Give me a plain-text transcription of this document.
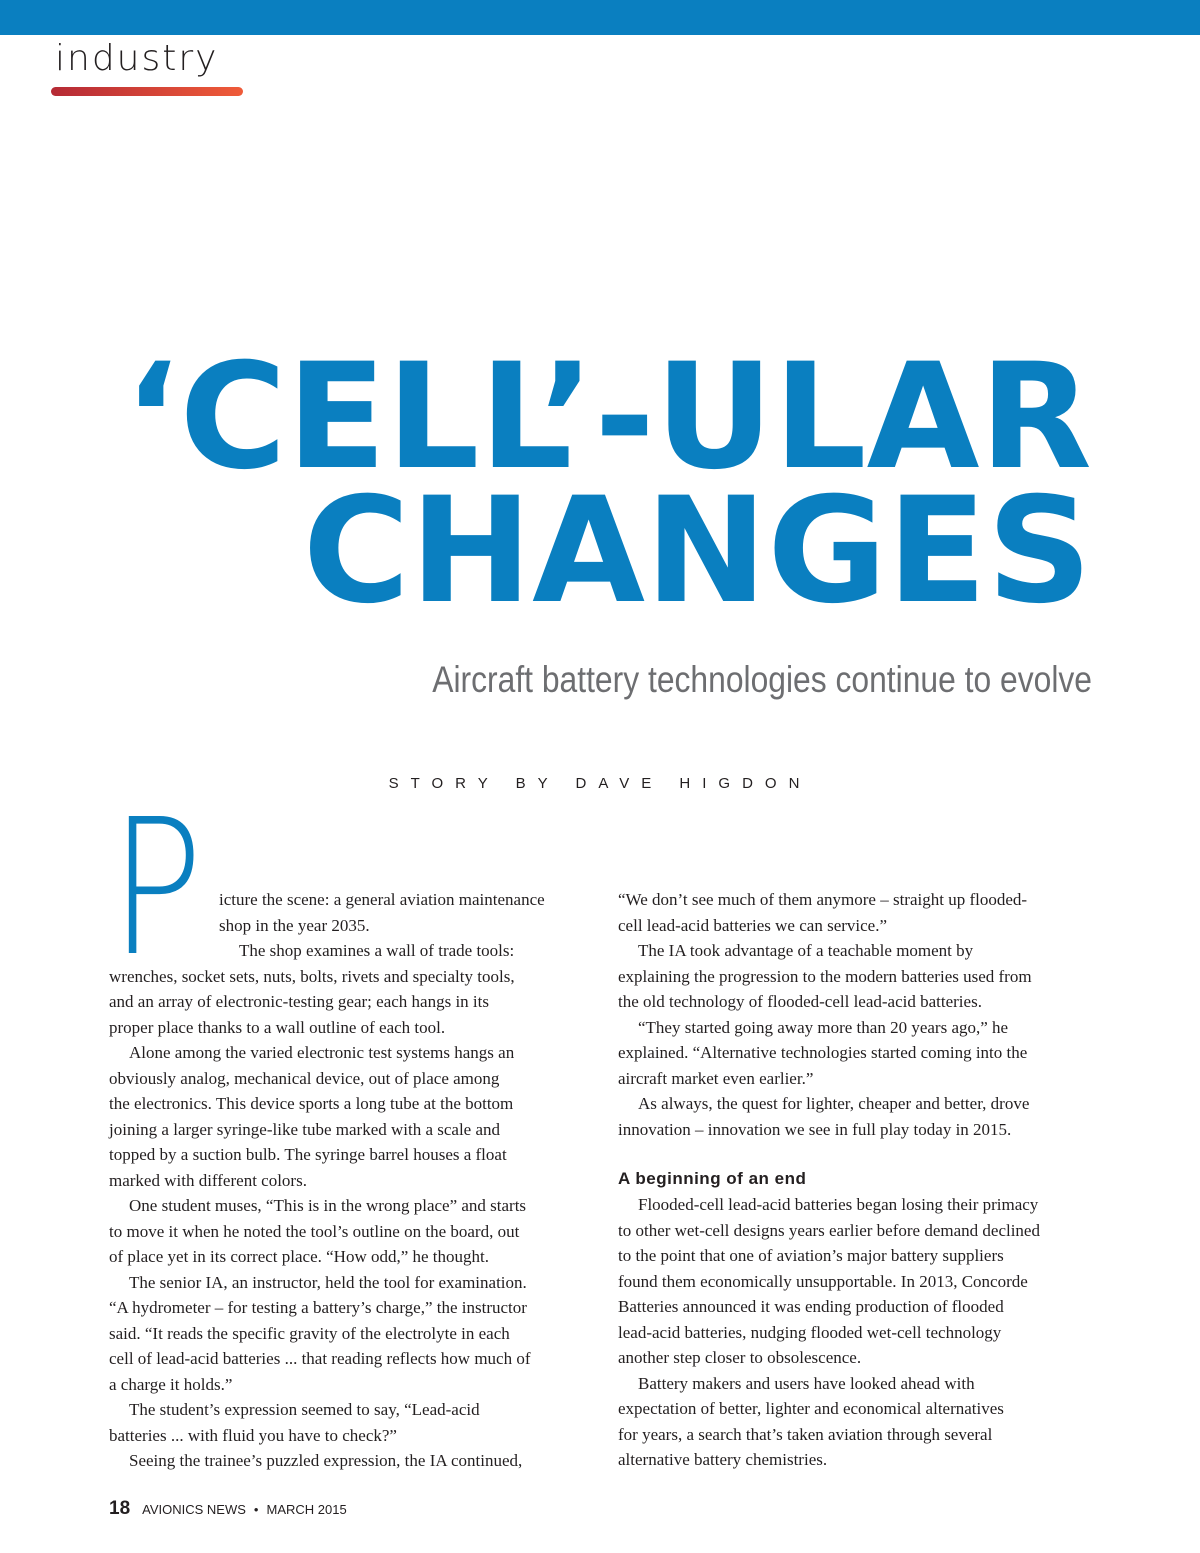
industry
‘CELL’-ULAR
CHANGES
Aircraft battery technologies continue to evolve
STORY BY DAVE HIGDON
P icture the scene: a general aviation maintenance
shop in the year 2035.
The shop examines a wall of trade tools:
wrenches, socket sets, nuts, bolts, rivets and specialty tools,
and an array of electronic-testing gear; each hangs in its
proper place thanks to a wall outline of each tool.
Alone among the varied electronic test systems hangs an
obviously analog, mechanical device, out of place among
the electronics. This device sports a long tube at the bottom
joining a larger syringe-like tube marked with a scale and
topped by a suction bulb. The syringe barrel houses a float
marked with different colors.
One student muses, “This is in the wrong place” and starts
to move it when he noted the tool’s outline on the board, out
of place yet in its correct place. “How odd,” he thought.
The senior IA, an instructor, held the tool for examination.
“A hydrometer – for testing a battery’s charge,” the instructor
said. “It reads the specific gravity of the electrolyte in each
cell of lead-acid batteries ... that reading reflects how much of
a charge it holds.”
The student’s expression seemed to say, “Lead-acid
batteries ... with fluid you have to check?”
Seeing the trainee’s puzzled expression, the IA continued,
“We don’t see much of them anymore – straight up flooded-
cell lead-acid batteries we can service.”
The IA took advantage of a teachable moment by
explaining the progression to the modern batteries used from
the old technology of flooded-cell lead-acid batteries.
“They started going away more than 20 years ago,” he
explained. “Alternative technologies started coming into the
aircraft market even earlier.”
As always, the quest for lighter, cheaper and better, drove
innovation – innovation we see in full play today in 2015.

A beginning of an end

Flooded-cell lead-acid batteries began losing their primacy
to other wet-cell designs years earlier before demand declined
to the point that one of aviation’s major battery suppliers
found them economically unsupportable. In 2013, Concorde
Batteries announced it was ending production of flooded
lead-acid batteries, nudging flooded wet-cell technology
another step closer to obsolescence.
Battery makers and users have looked ahead with
expectation of better, lighter and economical alternatives
for years, a search that’s taken aviation through several
alternative battery chemistries.
18 AVIONICS NEWS • MARCH 2015
